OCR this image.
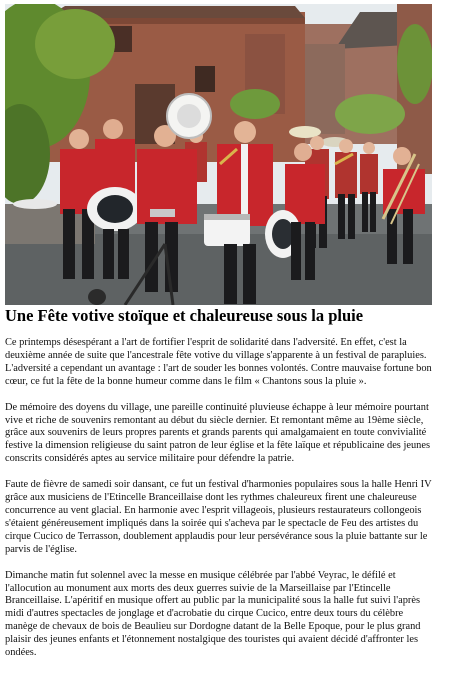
Une Fête votive stoïque et chaleureuse sous la pluie

Ce printemps désespérant a l'art de fortifier l'esprit de solidarité dans l'adversité. En effet, c'est la deuxième année de suite que l'ancestrale fête votive du village s'apparente à un festival de parapluies. L'adversité a cependant un avantage : l'art de souder les bonnes volontés. Contre mauvaise fortune bon cœur, ce fut la fête de la bonne humeur comme dans le film « Chantons sous la pluie ».

De mémoire des doyens du village, une pareille continuité pluvieuse échappe à leur mémoire pourtant vive et riche de souvenirs remontant au début du siècle dernier. Et remontant même au 19ème siècle, grâce aux souvenirs de leurs propres parents et grands parents qui amalgamaient en toute convivialité festive la dimension religieuse du saint patron de leur église et la fête laïque et républicaine des jeunes conscrits considérés aptes au service militaire pour défendre la patrie.

Faute de fièvre de samedi soir dansant, ce fut un festival d'harmonies populaires sous la halle Henri IV grâce aux musiciens de l'Etincelle Branceillaise dont les rythmes chaleureux firent une chaleureuse concurrence au vent glacial. En harmonie avec l'esprit villageois, plusieurs restaurateurs collongeois s'étaient généreusement impliqués dans la soirée qui s'acheva par le spectacle de Feu des artistes du cirque Cucico de Terrasson, doublement applaudis pour leur persévérance sous la pluie battante sur le parvis de l'église.

Dimanche matin fut solennel avec la messe en musique célébrée par l'abbé Veyrac, le défilé et l'allocution au monument aux morts des deux guerres suivie de la Marseillaise par l'Etincelle Branceillaise. L'apéritif en musique offert au public par la municipalité sous la halle fut suivi l'après midi d'autres spectacles de jonglage et d'acrobatie du cirque Cucico, entre deux tours du célèbre manège de chevaux de bois de Beaulieu sur Dordogne datant de la Belle Epoque, pour le plus grand plaisir des jeunes enfants et l'étonnement nostalgique des touristes qui avaient décidé d'affronter les ondées.
